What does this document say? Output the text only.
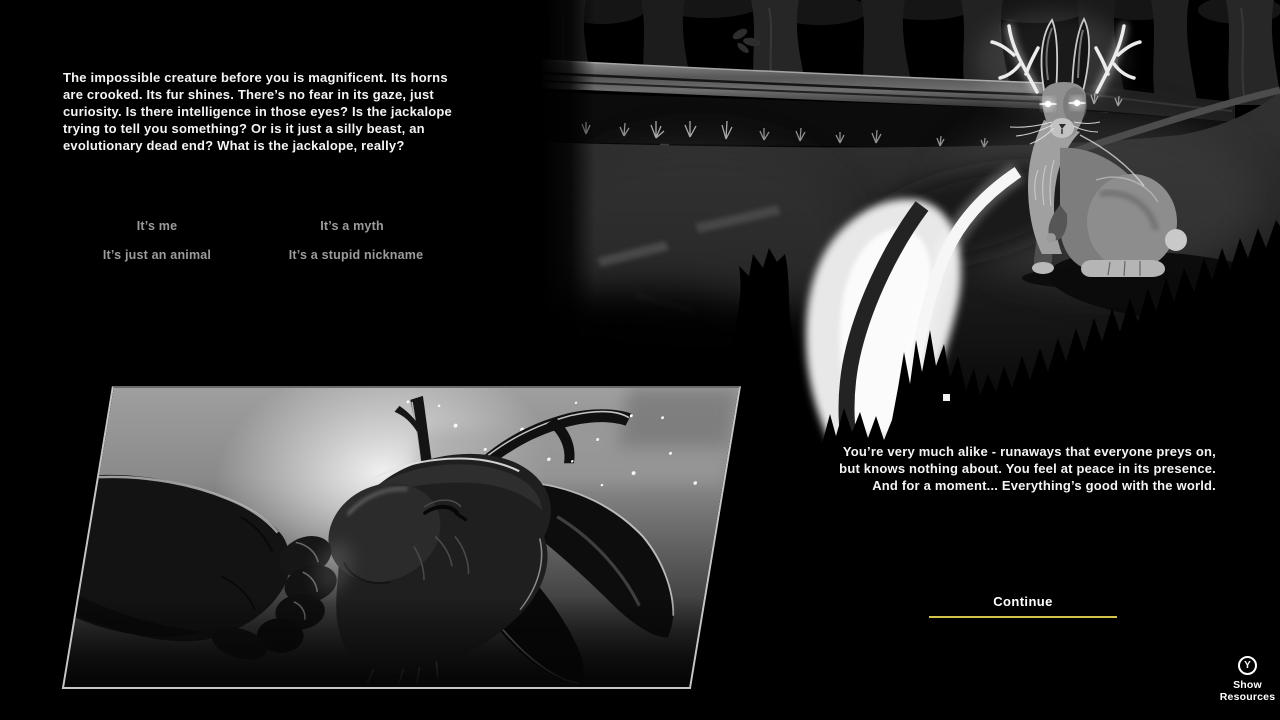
The impossible creature before you is magnificent. Its horns
are crooked. Its fur shines. There’s no fear in its gaze, just
curiosity. Is there intelligence in those eyes? Is the jackalope
trying to tell you something? Or is it just a silly beast, an
evolutionary dead end? What is the jackalope, really?
It’s me	It’s a myth
It’s just an animal	It’s a stupid nickname
You’re very much alike - runaways that everyone preys on,
but knows nothing about. You feel at peace in its presence.
And for a moment... Everything’s good with the world.
Continue
Y
Show
Resources
